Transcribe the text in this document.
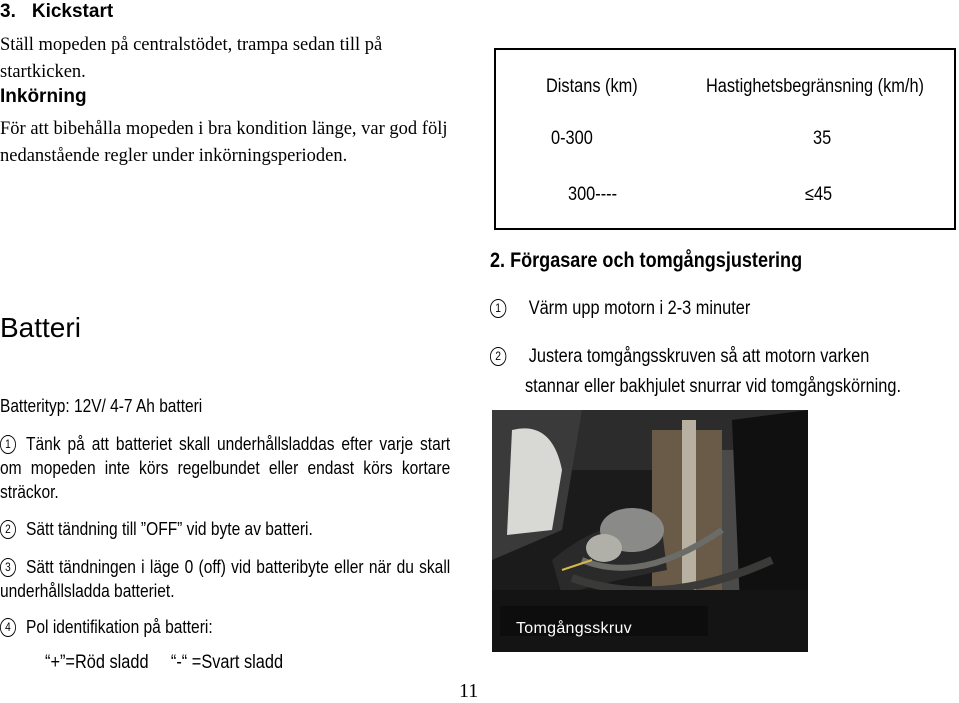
3. Kickstart
Ställ mopeden på centralstödet, trampa sedan till på startkicken.
Inkörning
För att bibehålla mopeden i bra kondition länge, var god följ nedanstående regler under inkörningsperioden.
Batteri
Batterityp: 12V/ 4-7 Ah batteri
1 Tänk på att batteriet skall underhållsladdas efter varje start om mopeden inte körs regelbundet eller endast körs kortare sträckor.
2 Sätt tändning till ”OFF” vid byte av batteri.
3 Sätt tändningen i läge 0 (off) vid batteribyte eller när du skall underhållsladda batteriet.
4 Pol identifikation på batteri:
“+”=Röd sladd “-“ =Svart sladd
11
Distans (km)	Hastighetsbegränsning (km/h)
0-300	35
300----	≤45
2. Förgasare och tomgångsjustering
1 Värm upp motorn i 2-3 minuter
2 Justera tomgångsskruven så att motorn varken
stannar eller bakhjulet snurrar vid tomgångskörning.
Tomgångsskruv
